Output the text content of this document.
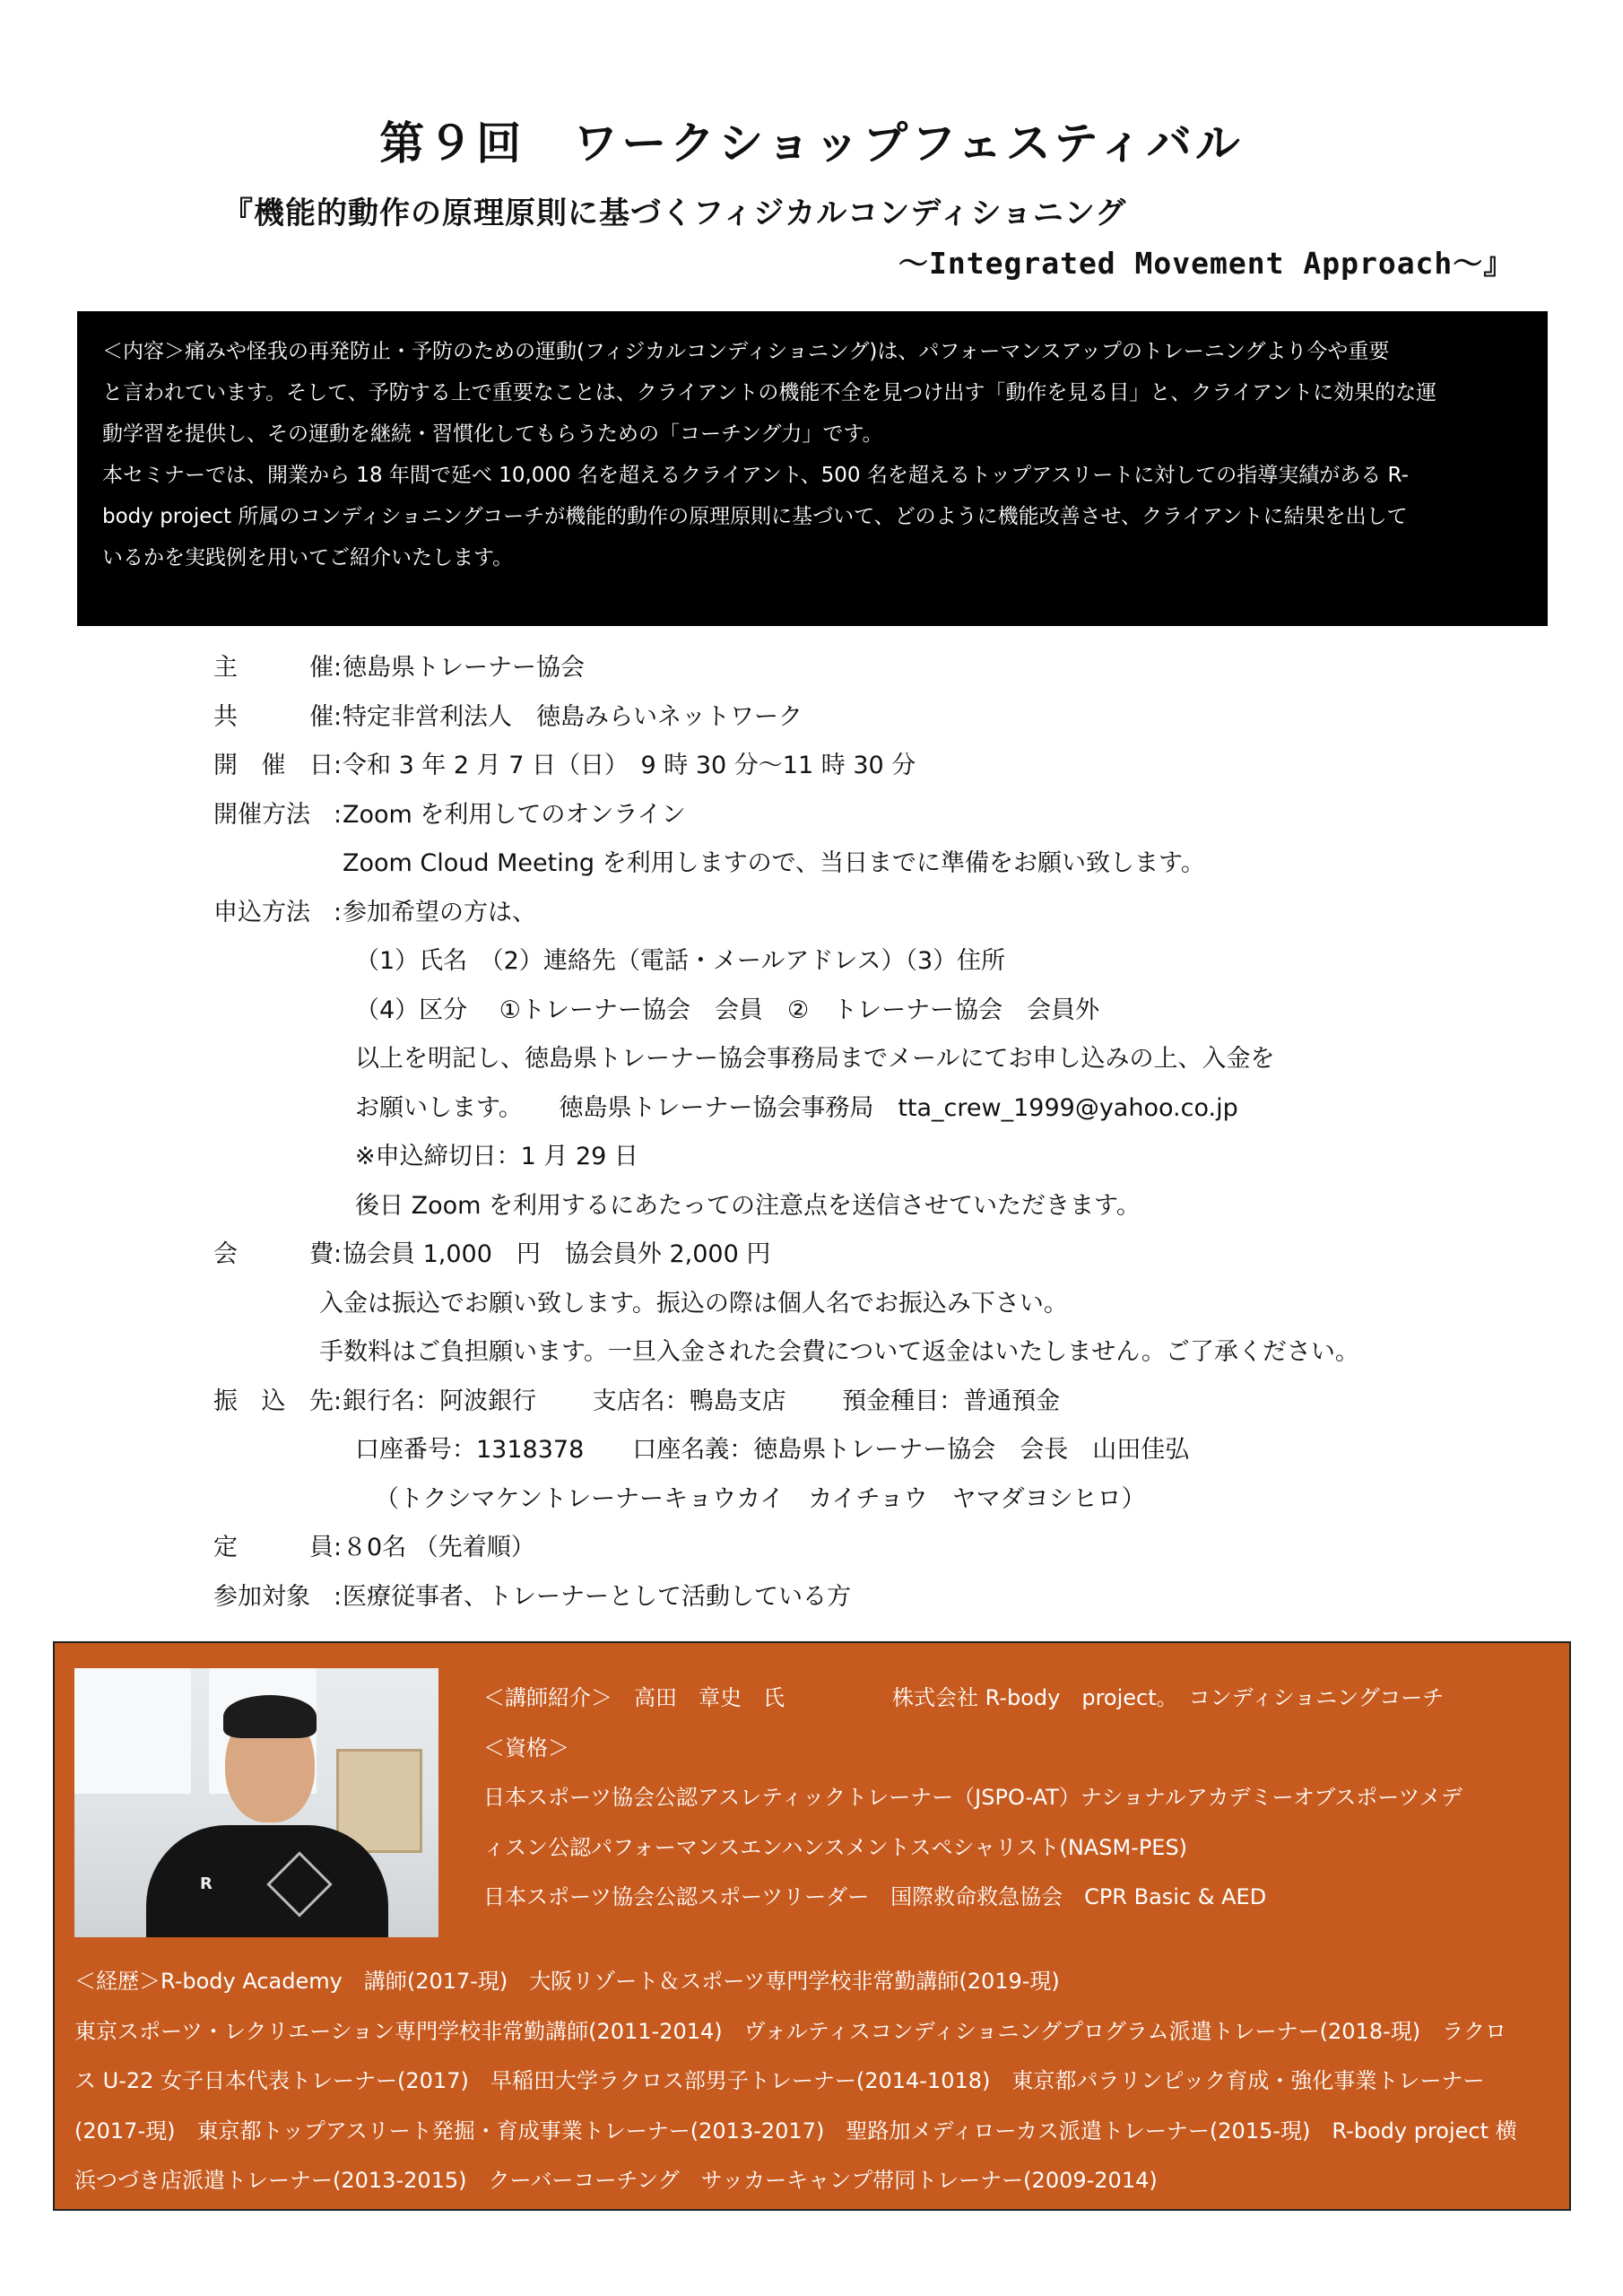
第９回　ワークショップフェスティバル

『機能的動作の原理原則に基づくフィジカルコンディショニング

～Integrated Movement Approach～』

＜内容＞痛みや怪我の再発防止・予防のための運動(フィジカルコンディショニング)は、パフォーマンスアップのトレーニングより今や重要

と言われています。そして、予防する上で重要なことは、クライアントの機能不全を見つけ出す「動作を見る目」と、クライアントに効果的な運

動学習を提供し、その運動を継続・習慣化してもらうための「コーチング力」です。

本セミナーでは、開業から 18 年間で延べ 10,000 名を超えるクライアント、500 名を超えるトップアスリートに対しての指導実績がある R-

body project 所属のコンディショニングコーチが機能的動作の原理原則に基づいて、どのように機能改善させ、クライアントに結果を出して

いるかを実践例を用いてご紹介いたします。

主	催 : 徳島県トレーナー協会
共	催 : 特定非営利法人　徳島みらいネットワーク
開 催 日 : 令和 3 年 2 月 7 日（日）　9 時 30 分～11 時 30 分
開催方法 : Zoom を利用してのオンライン
Zoom Cloud Meeting を利用しますので、当日までに準備をお願い致します。
申込方法 : 参加希望の方は、
（1）氏名　（2）連絡先（電話・メールアドレス）（3）住所
（4）区分　 ①トレーナー協会　会員　②　トレーナー協会　会員外
以上を明記し、徳島県トレーナー協会事務局までメールにてお申し込みの上、入金を
お願いします。　　徳島県トレーナー協会事務局　tta_crew_1999@yahoo.co.jp
※申込締切日：1 月 29 日
後日 Zoom を利用するにあたっての注意点を送信させていただきます。
会	費 : 協会員 1,000　円　協会員外 2,000 円
入金は振込でお願い致します。振込の際は個人名でお振込み下さい。
手数料はご負担願います。一旦入金された会費について返金はいたしません。ご了承ください。
振 込 先 : 銀行名：阿波銀行　　 支店名：鴨島支店　　 預金種目：普通預金
口座番号：1318378　　口座名義：徳島県トレーナー協会　会長　山田佳弘
（トクシマケントレーナーキョウカイ　カイチョウ　ヤマダヨシヒロ）
定	員 : ８0名 （先着順）
参加対象 : 医療従事者、トレーナーとして活動している方
R

＜講師紹介＞　高田　章史　氏　　　　　株式会社 R-body　project。　コンディショニングコーチ

＜資格＞

日本スポーツ協会公認アスレティックトレーナー（JSPO-AT）ナショナルアカデミーオブスポーツメデ

ィスン公認パフォーマンスエンハンスメントスペシャリスト(NASM-PES)

日本スポーツ協会公認スポーツリーダー　国際救命救急協会　CPR Basic & AED

＜経歴＞R-body Academy　講師(2017-現)　大阪リゾート＆スポーツ専門学校非常勤講師(2019-現)

東京スポーツ・レクリエーション専門学校非常勤講師(2011-2014)　ヴォルティスコンディショニングプログラム派遣トレーナー(2018-現)　ラクロ

ス U-22 女子日本代表トレーナー(2017)　早稲田大学ラクロス部男子トレーナー(2014-1018)　東京都パラリンピック育成・強化事業トレーナー

(2017-現)　東京都トップアスリート発掘・育成事業トレーナー(2013-2017)　聖路加メディローカス派遣トレーナー(2015-現)　R-body project 横

浜つづき店派遣トレーナー(2013-2015)　クーバーコーチング　サッカーキャンプ帯同トレーナー(2009-2014)
